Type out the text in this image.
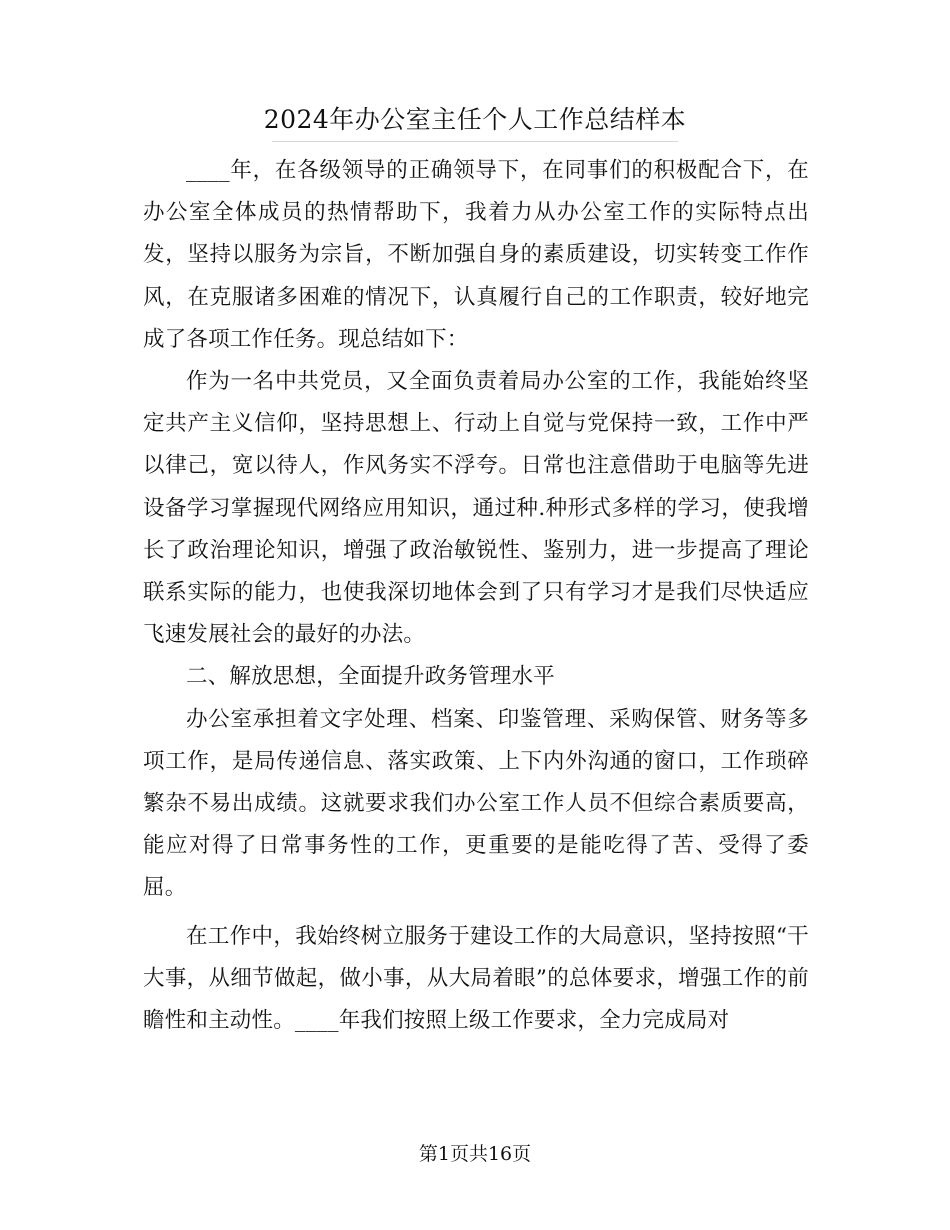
2024年办公室主任个人工作总结样本

____年，在各级领导的正确领导下，在同事们的积极配合下，在办公室全体成员的热情帮助下，我着力从办公室工作的实际特点出发，坚持以服务为宗旨，不断加强自身的素质建设，切实转变工作作风，在克服诸多困难的情况下，认真履行自己的工作职责，较好地完成了各项工作任务。现总结如下：

作为一名中共党员，又全面负责着局办公室的工作，我能始终坚定共产主义信仰，坚持思想上、行动上自觉与党保持一致，工作中严以律己，宽以待人，作风务实不浮夸。日常也注意借助于电脑等先进设备学习掌握现代网络应用知识，通过种.种形式多样的学习，使我增长了政治理论知识，增强了政治敏锐性、鉴别力，进一步提高了理论联系实际的能力，也使我深切地体会到了只有学习才是我们尽快适应飞速发展社会的最好的办法。

二、解放思想，全面提升政务管理水平

办公室承担着文字处理、档案、印鉴管理、采购保管、财务等多项工作，是局传递信息、落实政策、上下内外沟通的窗口，工作琐碎繁杂不易出成绩。这就要求我们办公室工作人员不但综合素质要高，能应对得了日常事务性的工作，更重要的是能吃得了苦、受得了委屈。

在工作中，我始终树立服务于建设工作的大局意识，坚持按照“干大事，从细节做起，做小事，从大局着眼”的总体要求，增强工作的前瞻性和主动性。____年我们按照上级工作要求，全力完成局对

第1页共16页
